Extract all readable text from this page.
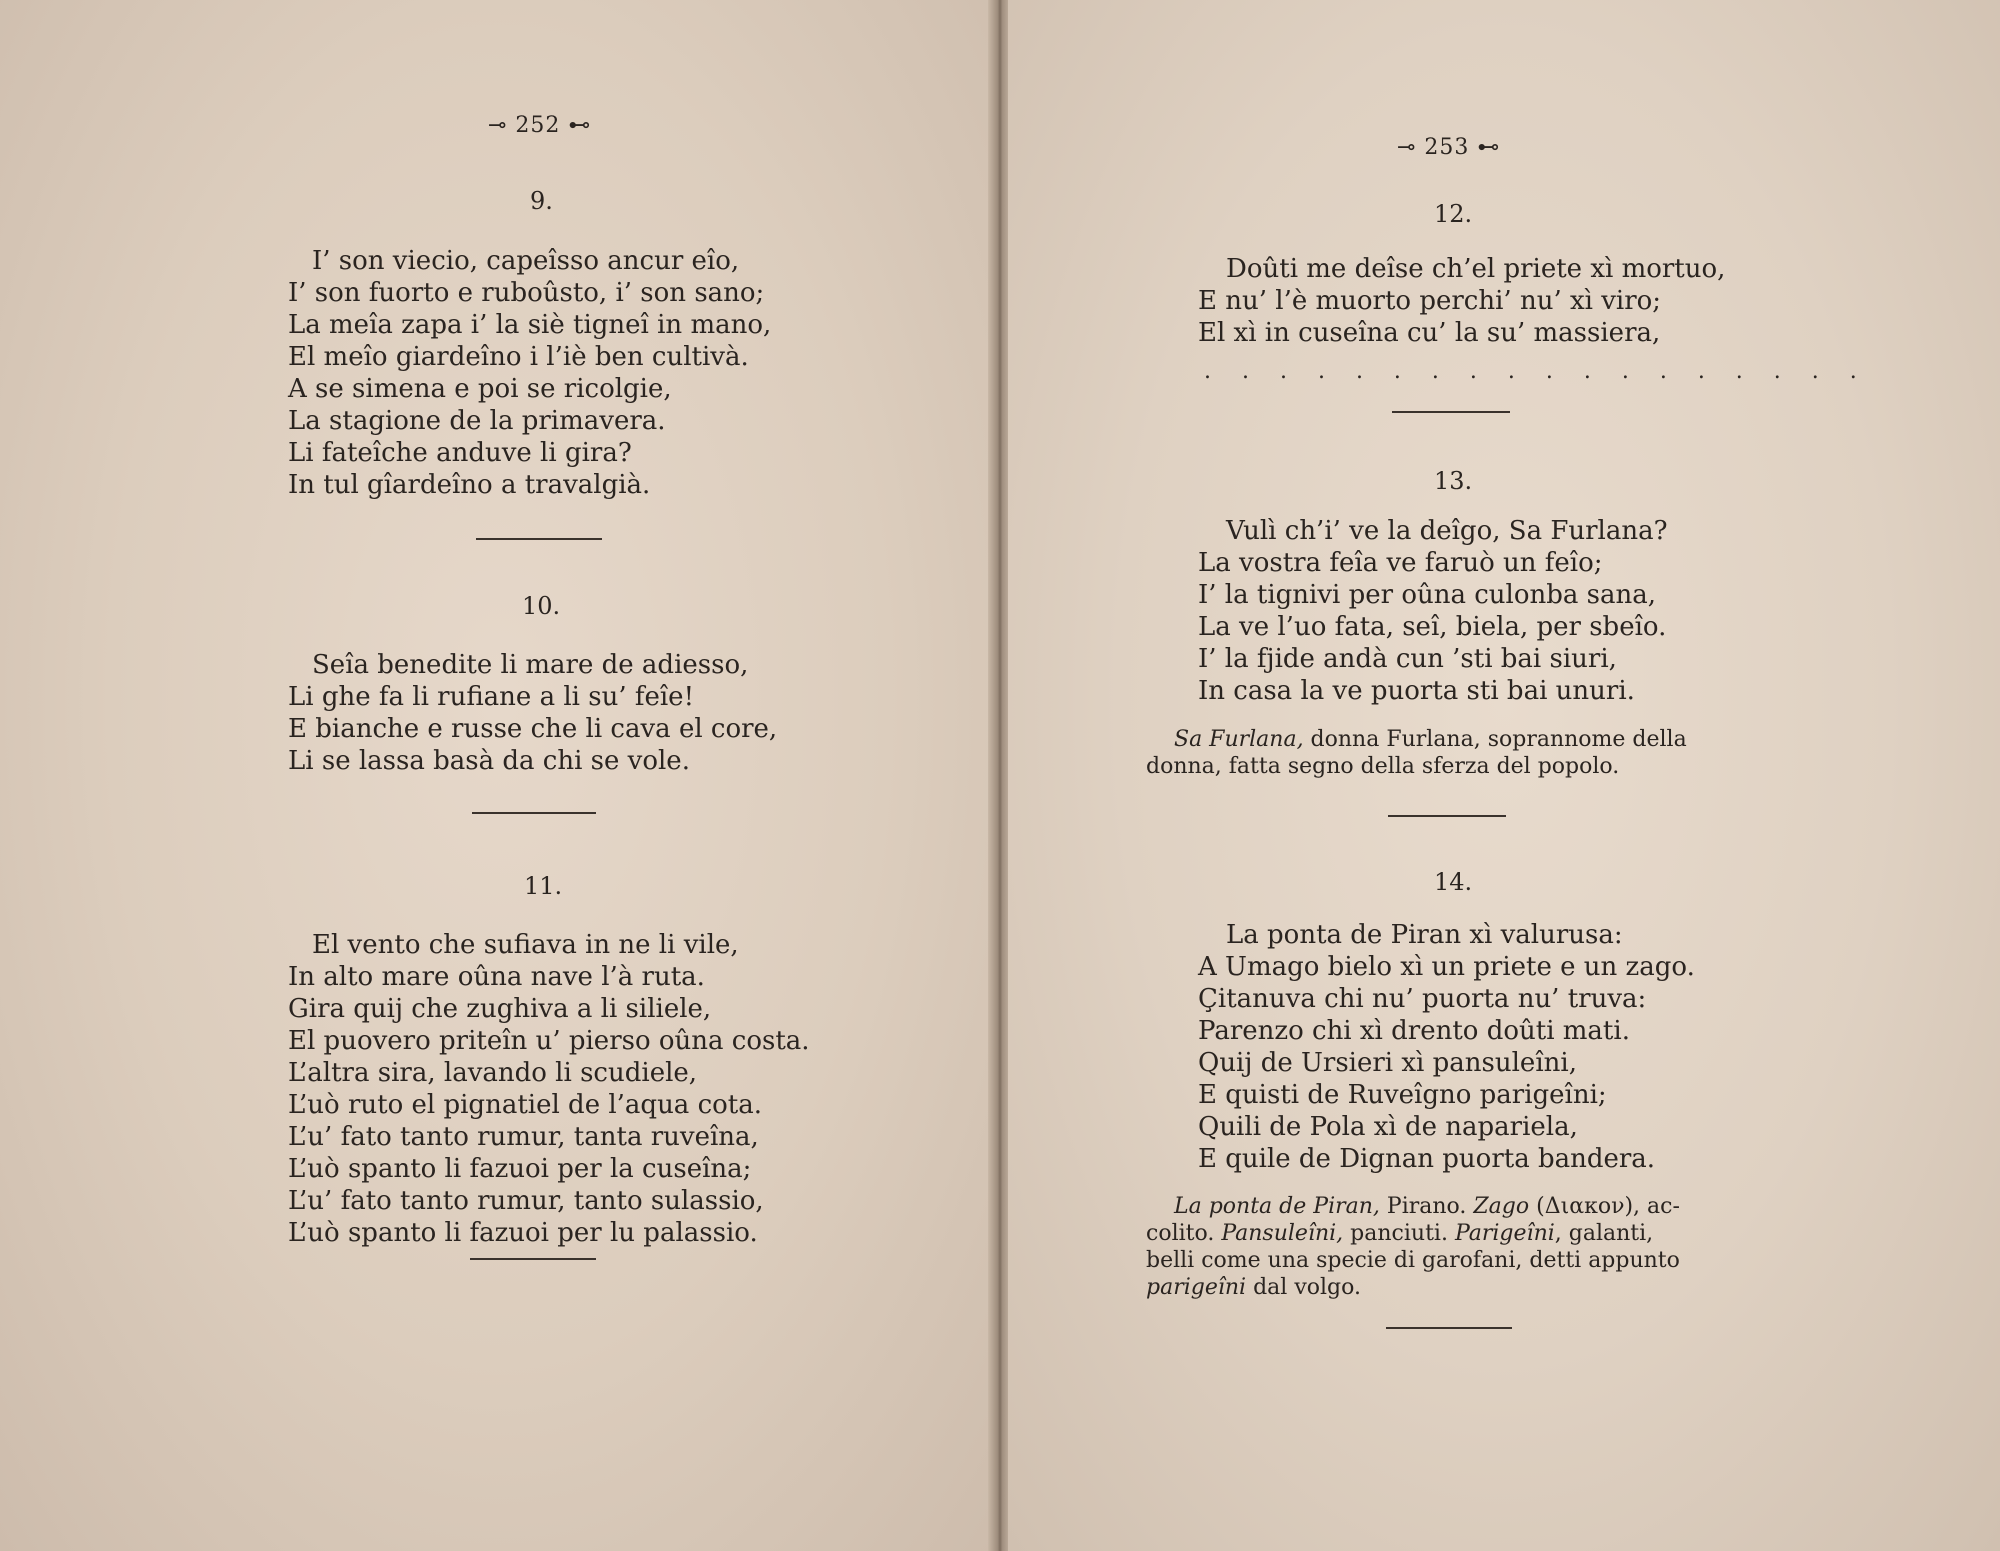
⊸ 252 ⊷
9.
I’ son viecio, capeîsso ancur eîo,
I’ son fuorto e ruboûsto, i’ son sano;
La meîa zapa i’ la siè tigneî in mano,
El meîo giardeîno i l’iè ben cultivà.
A se simena e poi se ricolgie,
La stagione de la primavera.
Li fateîche anduve li gira?
In tul gîardeîno a travalgià.
10.
Seîa benedite li mare de adiesso,
Li ghe fa li rufiane a li su’ feîe!
E bianche e russe che li cava el core,
Li se lassa basà da chi se vole.
11.
El vento che sufiava in ne li vile,
In alto mare oûna nave l’à ruta.
Gira quij che zughiva a li siliele,
El puovero priteîn u’ pierso oûna costa.
L’altra sira, lavando li scudiele,
L’uò ruto el pignatiel de l’aqua cota.
L’u’ fato tanto rumur, tanta ruveîna,
L’uò spanto li fazuoi per la cuseîna;
L’u’ fato tanto rumur, tanto sulassio,
L’uò spanto li fazuoi per lu palassio.
⊸ 253 ⊷
12.
Doûti me deîse ch’el priete xì mortuo,
E nu’ l’è muorto perchi’ nu’ xì viro;
El xì in cuseîna cu’ la su’ massiera,
. . . . . . . . . . . . . . . . . .
13.
Vulì ch’i’ ve la deîgo, Sa Furlana?
La vostra feîa ve faruò un feîo;
I’ la tignivi per oûna culonba sana,
La ve l’uo fata, seî, biela, per sbeîo.
I’ la fjide andà cun ’sti bai siuri,
In casa la ve puorta sti bai unuri.
Sa Furlana, donna Furlana, soprannome della
donna, fatta segno della sferza del popolo.
14.
La ponta de Piran xì valurusa:
A Umago bielo xì un priete e un zago.
Çitanuva chi nu’ puorta nu’ truva:
Parenzo chi xì drento doûti mati.
Quij de Ursieri xì pansuleîni,
E quisti de Ruveîgno parigeîni;
Quili de Pola xì de napariela,
E quile de Dignan puorta bandera.
La ponta de Piran, Pirano. Zago (Διακον), ac-
colito. Pansuleîni, panciuti. Parigeîni, galanti,
belli come una specie di garofani, detti appunto
parigeîni dal volgo.
